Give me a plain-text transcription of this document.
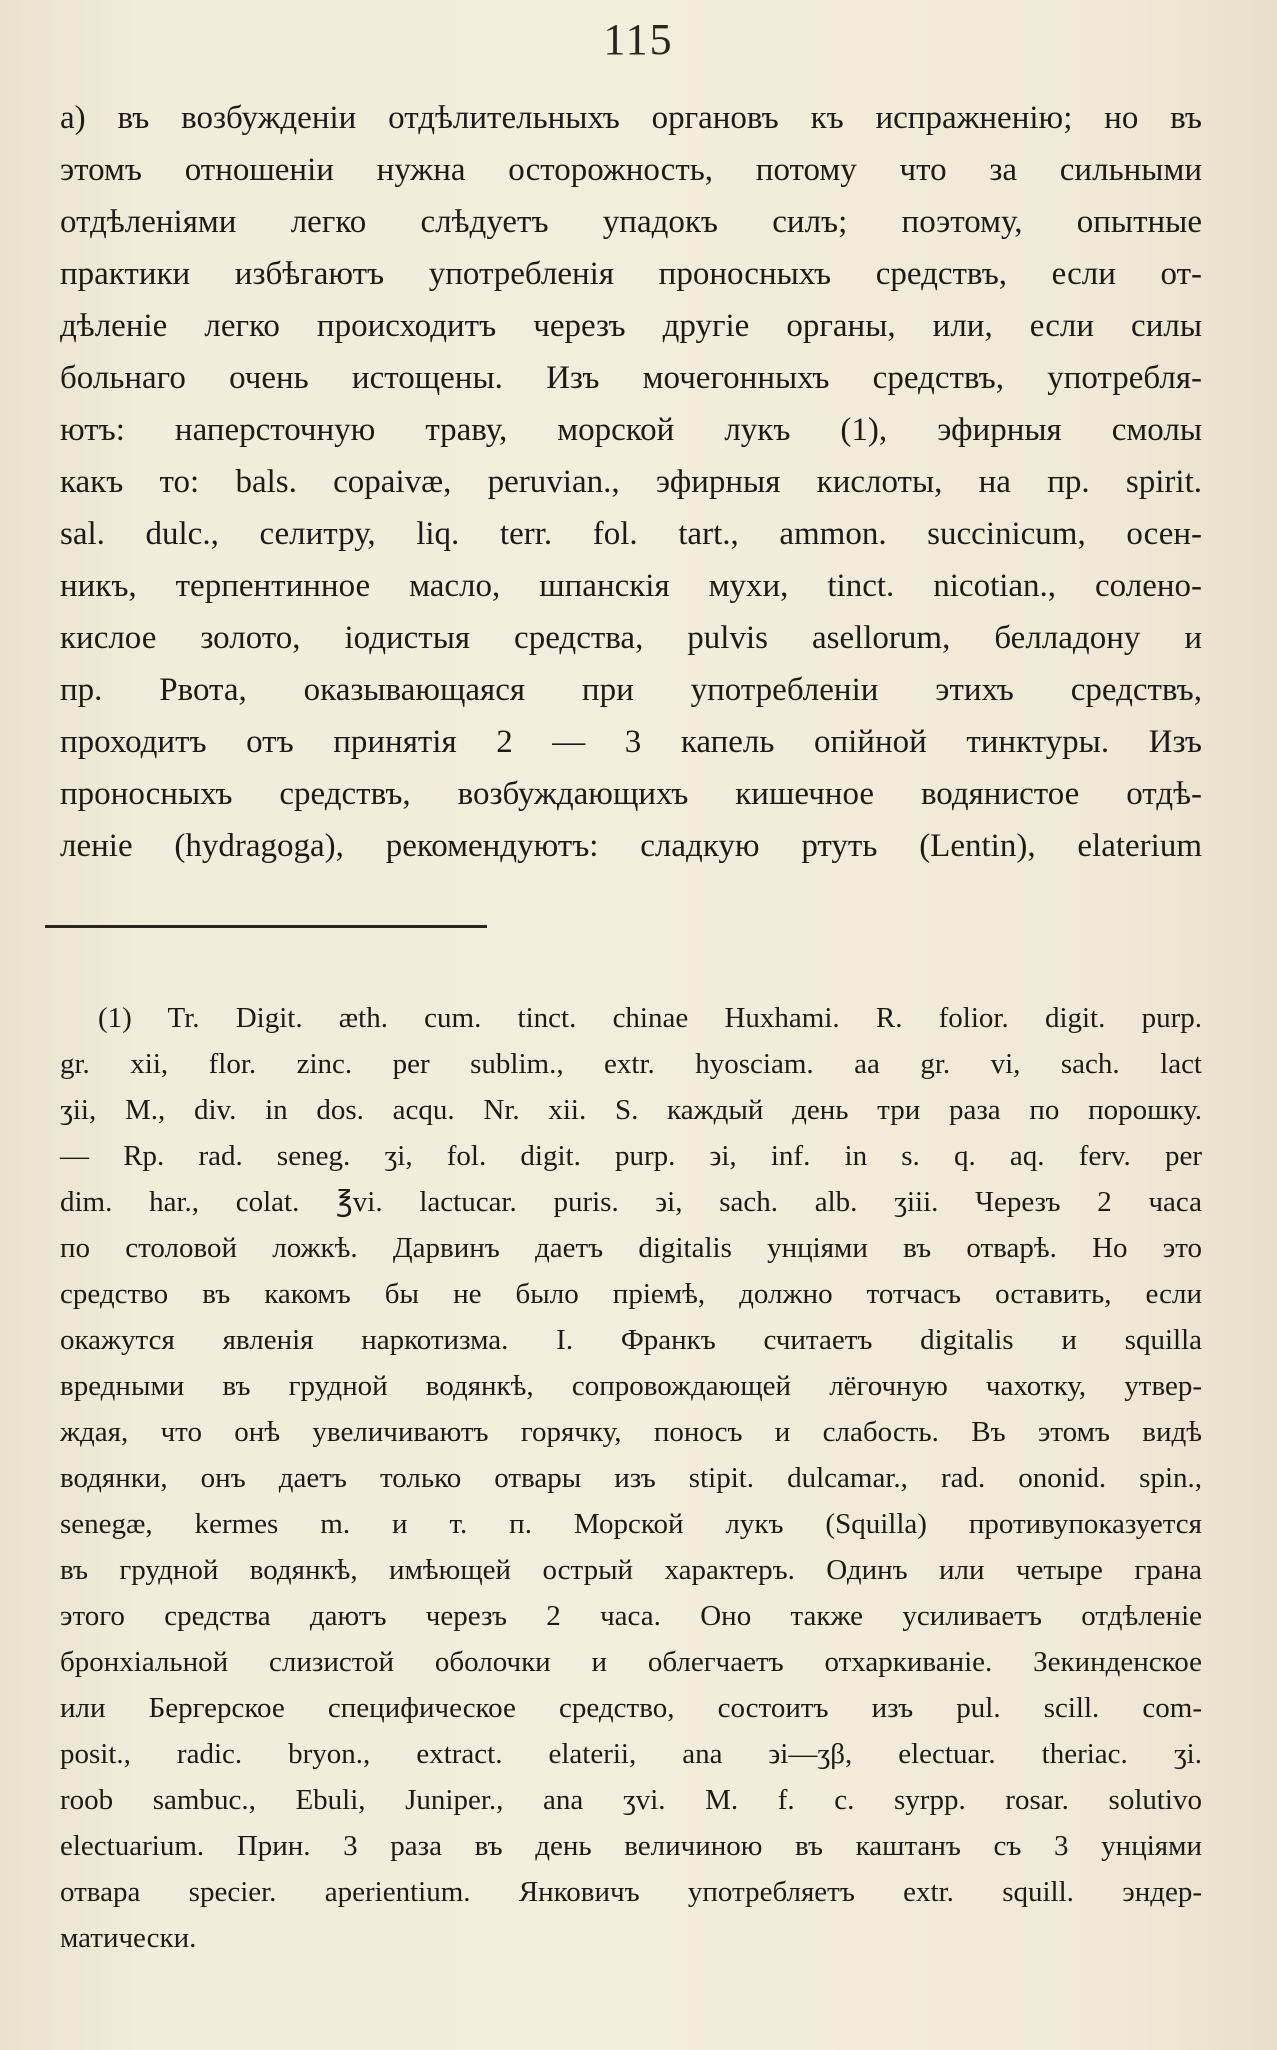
115
а) въ возбужденіи отдѣлительныхъ органовъ къ испражненію; но въ
этомъ отношеніи нужна осторожность, потому что за сильными
отдѣленіями легко слѣдуетъ упадокъ силъ; поэтому, опытные
практики избѣгаютъ употребленія проносныхъ средствъ, если от-
дѣленіе легко происходитъ черезъ другіе органы, или, если силы
больнаго очень истощены. Изъ мочегонныхъ средствъ, употребля-
ютъ: наперсточную траву, морской лукъ (1), эфирныя смолы
какъ то: bals. copaivæ, peruvian., эфирныя кислоты, на пр. spirit.
sal. dulc., селитру, liq. terr. fol. tart., ammon. succinicum, осен-
никъ, терпентинное масло, шпанскія мухи, tinct. nicotian., солено-
кислое золото, іодистыя средства, pulvis asellorum, белладону и
пр. Рвота, оказывающаяся при употребленіи этихъ средствъ,
проходитъ отъ принятія 2 — 3 капель опійной тинктуры. Изъ
проносныхъ средствъ, возбуждающихъ кишечное водянистое отдѣ-
леніе (hydragoga), рекомендуютъ: сладкую ртуть (Lentin), elaterium
(1) Tr. Digit. æth. cum. tinct. chinae Huxhami. R. folior. digit. purp.
gr. xii, flor. zinc. per sublim., extr. hyosciam. aa gr. vi, sach. lact
ʒii, M., div. in dos. acqu. Nr. xii. S. каждый день три раза по порошку.
— Rp. rad. seneg. ʒi, fol. digit. purp. ϶i, inf. in s. q. aq. ferv. per
dim. har., colat. ℥vi. lactucar. puris. ϶i, sach. alb. ʒiii. Черезъ 2 часа
по столовой ложкѣ. Дарвинъ даетъ digitalis унціями въ отварѣ. Но это
средство въ какомъ бы не было пріемѣ, должно тотчасъ оставить, если
окажутся явленія наркотизма. І. Франкъ считаетъ digitalis и squilla
вредными въ грудной водянкѣ, сопровождающей лёгочную чахотку, утвер-
ждая, что онѣ увеличиваютъ горячку, поносъ и слабость. Въ этомъ видѣ
водянки, онъ даетъ только отвары изъ stipit. dulcamar., rad. ononid. spin.,
senegæ, kermes m. и т. п. Морской лукъ (Squilla) противупоказуется
въ грудной водянкѣ, имѣющей острый характеръ. Одинъ или четыре грана
этого средства даютъ черезъ 2 часа. Оно также усиливаетъ отдѣленіе
бронхіальной слизистой оболочки и облегчаетъ отхаркиваніе. Зекинденское
или Бергерское специфическое средство, состоитъ изъ pul. scill. com-
posit., radic. bryon., extract. elaterii, ana ϶i—ʒβ, electuar. theriac. ʒi.
roob sambuc., Ebuli, Juniper., ana ʒvi. M. f. c. syrpp. rosar. solutivo
electuarium. Прин. 3 раза въ день величиною въ каштанъ съ 3 унціями
отвара specier. aperientium. Янковичъ употребляетъ extr. squill. эндер-
матически.
